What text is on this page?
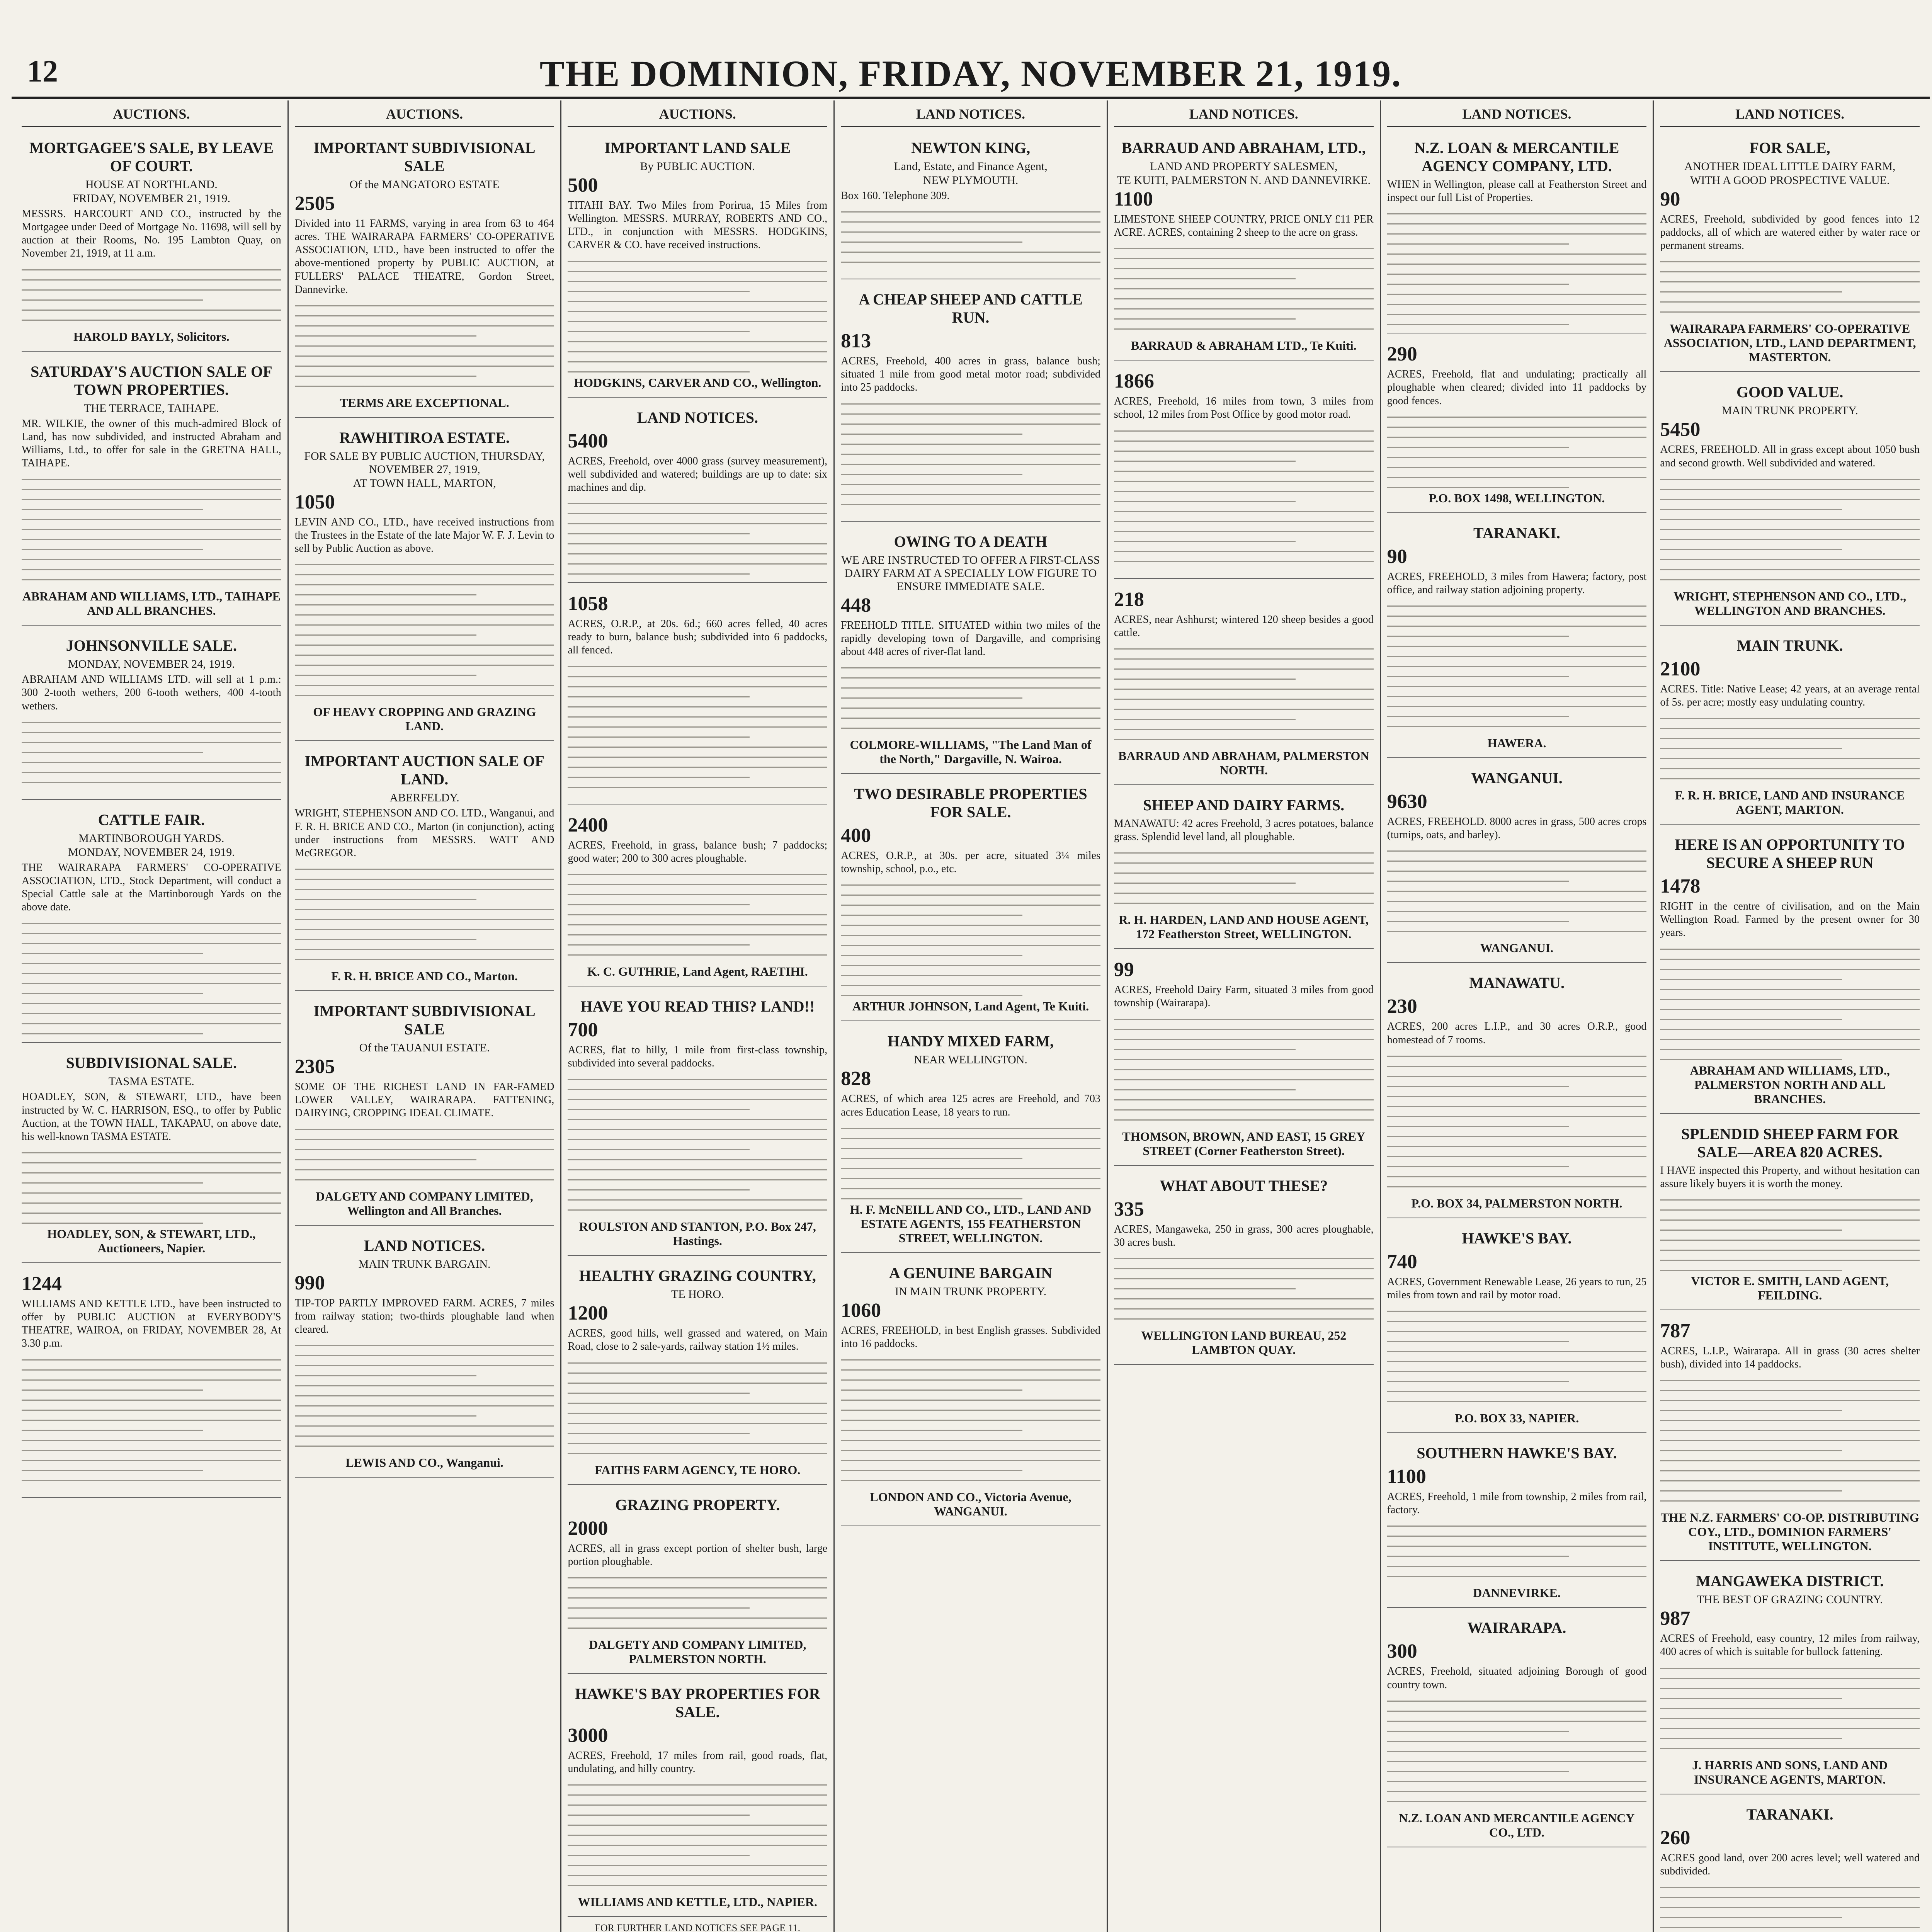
12	THE DOMINION, FRIDAY, NOVEMBER 21, 1919.
AUCTIONS.
MORTGAGEE'S SALE, BY LEAVE OF COURT.
HOUSE AT NORTHLAND.
FRIDAY, NOVEMBER 21, 1919.
MESSRS. HARCOURT AND CO., instructed by the Mortgagee under Deed of Mortgage No. 11698, will sell by auction at their Rooms, No. 195 Lambton Quay, on November 21, 1919, at 11 a.m.
HAROLD BAYLY, Solicitors.
SATURDAY'S AUCTION SALE OF TOWN PROPERTIES.
THE TERRACE, TAIHAPE.
MR. WILKIE, the owner of this much-admired Block of Land, has now subdivided, and instructed Abraham and Williams, Ltd., to offer for sale in the GRETNA HALL, TAIHAPE.
ABRAHAM AND WILLIAMS, LTD., TAIHAPE AND ALL BRANCHES.
JOHNSONVILLE SALE.
MONDAY, NOVEMBER 24, 1919.
ABRAHAM AND WILLIAMS LTD. will sell at 1 p.m.: 300 2-tooth wethers, 200 6-tooth wethers, 400 4-tooth wethers.
CATTLE FAIR.
MARTINBOROUGH YARDS.
MONDAY, NOVEMBER 24, 1919.
THE WAIRARAPA FARMERS' CO-OPERATIVE ASSOCIATION, LTD., Stock Department, will conduct a Special Cattle sale at the Martinborough Yards on the above date.
SUBDIVISIONAL SALE.
TASMA ESTATE.
HOADLEY, SON, & STEWART, LTD., have been instructed by W. C. HARRISON, ESQ., to offer by Public Auction, at the TOWN HALL, TAKAPAU, on above date, his well-known TASMA ESTATE.
HOADLEY, SON, & STEWART, LTD., Auctioneers, Napier.
1244
WILLIAMS AND KETTLE LTD., have been instructed to offer by PUBLIC AUCTION at EVERYBODY'S THEATRE, WAIROA, on FRIDAY, NOVEMBER 28, At 3.30 p.m.
AUCTIONS.
IMPORTANT SUBDIVISIONAL SALE
Of the MANGATORO ESTATE
2505
Divided into 11 FARMS, varying in area from 63 to 464 acres. THE WAIRARAPA FARMERS' CO-OPERATIVE ASSOCIATION, LTD., have been instructed to offer the above-mentioned property by PUBLIC AUCTION, at FULLERS' PALACE THEATRE, Gordon Street, Dannevirke.
TERMS ARE EXCEPTIONAL.
RAWHITIROA ESTATE.
FOR SALE BY PUBLIC AUCTION, THURSDAY, NOVEMBER 27, 1919,
AT TOWN HALL, MARTON,
1050
LEVIN AND CO., LTD., have received instructions from the Trustees in the Estate of the late Major W. F. J. Levin to sell by Public Auction as above.
OF HEAVY CROPPING AND GRAZING LAND.
IMPORTANT AUCTION SALE OF LAND.
ABERFELDY.
WRIGHT, STEPHENSON AND CO. LTD., Wanganui, and F. R. H. BRICE AND CO., Marton (in conjunction), acting under instructions from MESSRS. WATT AND McGREGOR.
F. R. H. BRICE AND CO., Marton.
IMPORTANT SUBDIVISIONAL SALE
Of the TAUANUI ESTATE.
2305
SOME OF THE RICHEST LAND IN FAR-FAMED LOWER VALLEY, WAIRARAPA. FATTENING, DAIRYING, CROPPING IDEAL CLIMATE.
DALGETY AND COMPANY LIMITED, Wellington and All Branches.
LAND NOTICES.
MAIN TRUNK BARGAIN.
990
TIP-TOP PARTLY IMPROVED FARM. ACRES, 7 miles from railway station; two-thirds ploughable land when cleared.
LEWIS AND CO., Wanganui.
AUCTIONS.
IMPORTANT LAND SALE
By PUBLIC AUCTION.
500
TITAHI BAY. Two Miles from Porirua, 15 Miles from Wellington. MESSRS. MURRAY, ROBERTS AND CO., LTD., in conjunction with MESSRS. HODGKINS, CARVER & CO. have received instructions.
HODGKINS, CARVER AND CO., Wellington.
LAND NOTICES.
5400
ACRES, Freehold, over 4000 grass (survey measurement), well subdivided and watered; buildings are up to date: six machines and dip.
1058
ACRES, O.R.P., at 20s. 6d.; 660 acres felled, 40 acres ready to burn, balance bush; subdivided into 6 paddocks, all fenced.
2400
ACRES, Freehold, in grass, balance bush; 7 paddocks; good water; 200 to 300 acres ploughable.
K. C. GUTHRIE, Land Agent, RAETIHI.
HAVE YOU READ THIS? LAND!!
700
ACRES, flat to hilly, 1 mile from first-class township, subdivided into several paddocks.
ROULSTON AND STANTON, P.O. Box 247, Hastings.
HEALTHY GRAZING COUNTRY,
TE HORO.
1200
ACRES, good hills, well grassed and watered, on Main Road, close to 2 sale-yards, railway station 1½ miles.
FAITHS FARM AGENCY, TE HORO.
GRAZING PROPERTY.
2000
ACRES, all in grass except portion of shelter bush, large portion ploughable.
DALGETY AND COMPANY LIMITED, PALMERSTON NORTH.
HAWKE'S BAY PROPERTIES FOR SALE.
3000
ACRES, Freehold, 17 miles from rail, good roads, flat, undulating, and hilly country.
WILLIAMS AND KETTLE, LTD., NAPIER.
FOR FURTHER LAND NOTICES SEE PAGE 11.
LAND NOTICES.
NEWTON KING,
Land, Estate, and Finance Agent,
NEW PLYMOUTH.
Box 160. Telephone 309.
A CHEAP SHEEP AND CATTLE RUN.
813
ACRES, Freehold, 400 acres in grass, balance bush; situated 1 mile from good metal motor road; subdivided into 25 paddocks.
OWING TO A DEATH
WE ARE INSTRUCTED TO OFFER A FIRST-CLASS DAIRY FARM AT A SPECIALLY LOW FIGURE TO ENSURE IMMEDIATE SALE.
448
FREEHOLD TITLE. SITUATED within two miles of the rapidly developing town of Dargaville, and comprising about 448 acres of river-flat land.
COLMORE-WILLIAMS, "The Land Man of the North," Dargaville, N. Wairoa.
TWO DESIRABLE PROPERTIES FOR SALE.
400
ACRES, O.R.P., at 30s. per acre, situated 3¼ miles township, school, p.o., etc.
ARTHUR JOHNSON, Land Agent, Te Kuiti.
HANDY MIXED FARM,
NEAR WELLINGTON.
828
ACRES, of which area 125 acres are Freehold, and 703 acres Education Lease, 18 years to run.
H. F. McNEILL AND CO., LTD., LAND AND ESTATE AGENTS, 155 FEATHERSTON STREET, WELLINGTON.
A GENUINE BARGAIN
IN MAIN TRUNK PROPERTY.
1060
ACRES, FREEHOLD, in best English grasses. Subdivided into 16 paddocks.
LONDON AND CO., Victoria Avenue, WANGANUI.
LAND NOTICES.
BARRAUD AND ABRAHAM, LTD.,
LAND AND PROPERTY SALESMEN,
TE KUITI, PALMERSTON N. AND DANNEVIRKE.
1100
LIMESTONE SHEEP COUNTRY, PRICE ONLY £11 PER ACRE. ACRES, containing 2 sheep to the acre on grass.
BARRAUD & ABRAHAM LTD., Te Kuiti.
1866
ACRES, Freehold, 16 miles from town, 3 miles from school, 12 miles from Post Office by good motor road.
218
ACRES, near Ashhurst; wintered 120 sheep besides a good cattle.
BARRAUD AND ABRAHAM, PALMERSTON NORTH.
SHEEP AND DAIRY FARMS.
MANAWATU: 42 acres Freehold, 3 acres potatoes, balance grass. Splendid level land, all ploughable.
R. H. HARDEN, LAND AND HOUSE AGENT, 172 Featherston Street, WELLINGTON.
99
ACRES, Freehold Dairy Farm, situated 3 miles from good township (Wairarapa).
THOMSON, BROWN, AND EAST, 15 GREY STREET (Corner Featherston Street).
WHAT ABOUT THESE?
335
ACRES, Mangaweka, 250 in grass, 300 acres ploughable, 30 acres bush.
WELLINGTON LAND BUREAU, 252 LAMBTON QUAY.
LAND NOTICES.
N.Z. LOAN & MERCANTILE AGENCY COMPANY, LTD.
WHEN in Wellington, please call at Featherston Street and inspect our full List of Properties.
290
ACRES, Freehold, flat and undulating; practically all ploughable when cleared; divided into 11 paddocks by good fences.
P.O. BOX 1498, WELLINGTON.
TARANAKI.
90
ACRES, FREEHOLD, 3 miles from Hawera; factory, post office, and railway station adjoining property.
HAWERA.
WANGANUI.
9630
ACRES, FREEHOLD. 8000 acres in grass, 500 acres crops (turnips, oats, and barley).
WANGANUI.
MANAWATU.
230
ACRES, 200 acres L.I.P., and 30 acres O.R.P., good homestead of 7 rooms.
P.O. BOX 34, PALMERSTON NORTH.
HAWKE'S BAY.
740
ACRES, Government Renewable Lease, 26 years to run, 25 miles from town and rail by motor road.
P.O. BOX 33, NAPIER.
SOUTHERN HAWKE'S BAY.
1100
ACRES, Freehold, 1 mile from township, 2 miles from rail, factory.
DANNEVIRKE.
WAIRARAPA.
300
ACRES, Freehold, situated adjoining Borough of good country town.
N.Z. LOAN AND MERCANTILE AGENCY CO., LTD.
LAND NOTICES.
FOR SALE,
ANOTHER IDEAL LITTLE DAIRY FARM,
WITH A GOOD PROSPECTIVE VALUE.
90
ACRES, Freehold, subdivided by good fences into 12 paddocks, all of which are watered either by water race or permanent streams.
WAIRARAPA FARMERS' CO-OPERATIVE ASSOCIATION, LTD., LAND DEPARTMENT, MASTERTON.
GOOD VALUE.
MAIN TRUNK PROPERTY.
5450
ACRES, FREEHOLD. All in grass except about 1050 bush and second growth. Well subdivided and watered.
WRIGHT, STEPHENSON AND CO., LTD., WELLINGTON AND BRANCHES.
MAIN TRUNK.
2100
ACRES. Title: Native Lease; 42 years, at an average rental of 5s. per acre; mostly easy undulating country.
F. R. H. BRICE, LAND AND INSURANCE AGENT, MARTON.
HERE IS AN OPPORTUNITY TO SECURE A SHEEP RUN
1478
RIGHT in the centre of civilisation, and on the Main Wellington Road. Farmed by the present owner for 30 years.
ABRAHAM AND WILLIAMS, LTD., PALMERSTON NORTH AND ALL BRANCHES.
SPLENDID SHEEP FARM FOR SALE—AREA 820 ACRES.
I HAVE inspected this Property, and without hesitation can assure likely buyers it is worth the money.
VICTOR E. SMITH, LAND AGENT, FEILDING.
787
ACRES, L.I.P., Wairarapa. All in grass (30 acres shelter bush), divided into 14 paddocks.
THE N.Z. FARMERS' CO-OP. DISTRIBUTING COY., LTD., DOMINION FARMERS' INSTITUTE, WELLINGTON.
MANGAWEKA DISTRICT.
THE BEST OF GRAZING COUNTRY.
987
ACRES of Freehold, easy country, 12 miles from railway, 400 acres of which is suitable for bullock fattening.
J. HARRIS AND SONS, LAND AND INSURANCE AGENTS, MARTON.
TARANAKI.
260
ACRES good land, over 200 acres level; well watered and subdivided.
